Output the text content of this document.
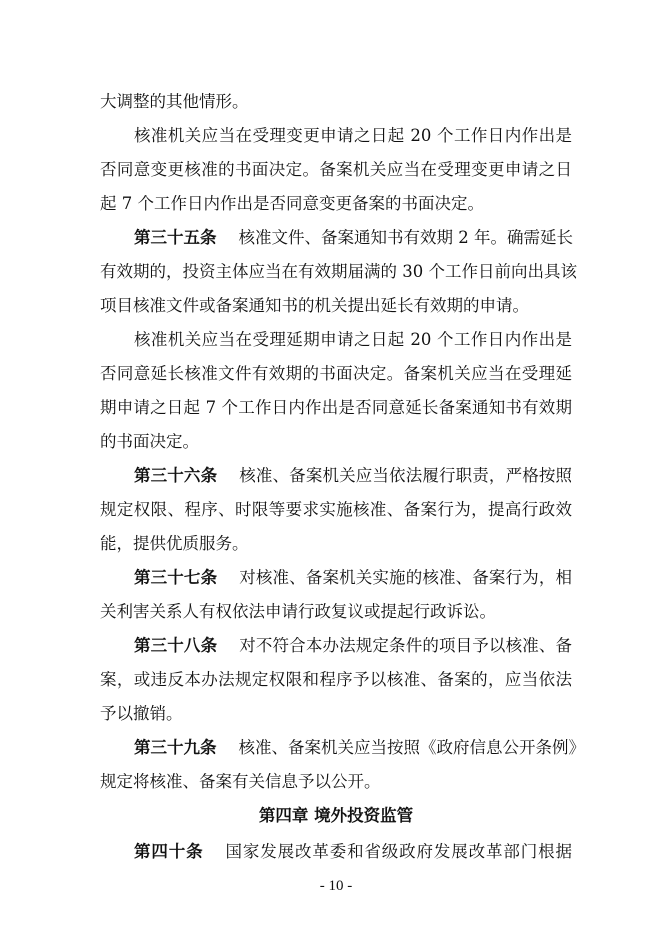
大调整的其他情形。
核准机关应当在受理变更申请之日起 20 个工作日内作出是
否同意变更核准的书面决定。备案机关应当在受理变更申请之日
起 7 个工作日内作出是否同意变更备案的书面决定。
第三十五条 核准文件、备案通知书有效期 2 年。确需延长
有效期的，投资主体应当在有效期届满的 30 个工作日前向出具该
项目核准文件或备案通知书的机关提出延长有效期的申请。
核准机关应当在受理延期申请之日起 20 个工作日内作出是
否同意延长核准文件有效期的书面决定。备案机关应当在受理延
期申请之日起 7 个工作日内作出是否同意延长备案通知书有效期
的书面决定。
第三十六条 核准、备案机关应当依法履行职责，严格按照
规定权限、程序、时限等要求实施核准、备案行为，提高行政效
能，提供优质服务。
第三十七条 对核准、备案机关实施的核准、备案行为，相
关利害关系人有权依法申请行政复议或提起行政诉讼。
第三十八条 对不符合本办法规定条件的项目予以核准、备
案，或违反本办法规定权限和程序予以核准、备案的，应当依法
予以撤销。
第三十九条 核准、备案机关应当按照《政府信息公开条例》
规定将核准、备案有关信息予以公开。
第四章 境外投资监管
第四十条 国家发展改革委和省级政府发展改革部门根据
- 10 -
